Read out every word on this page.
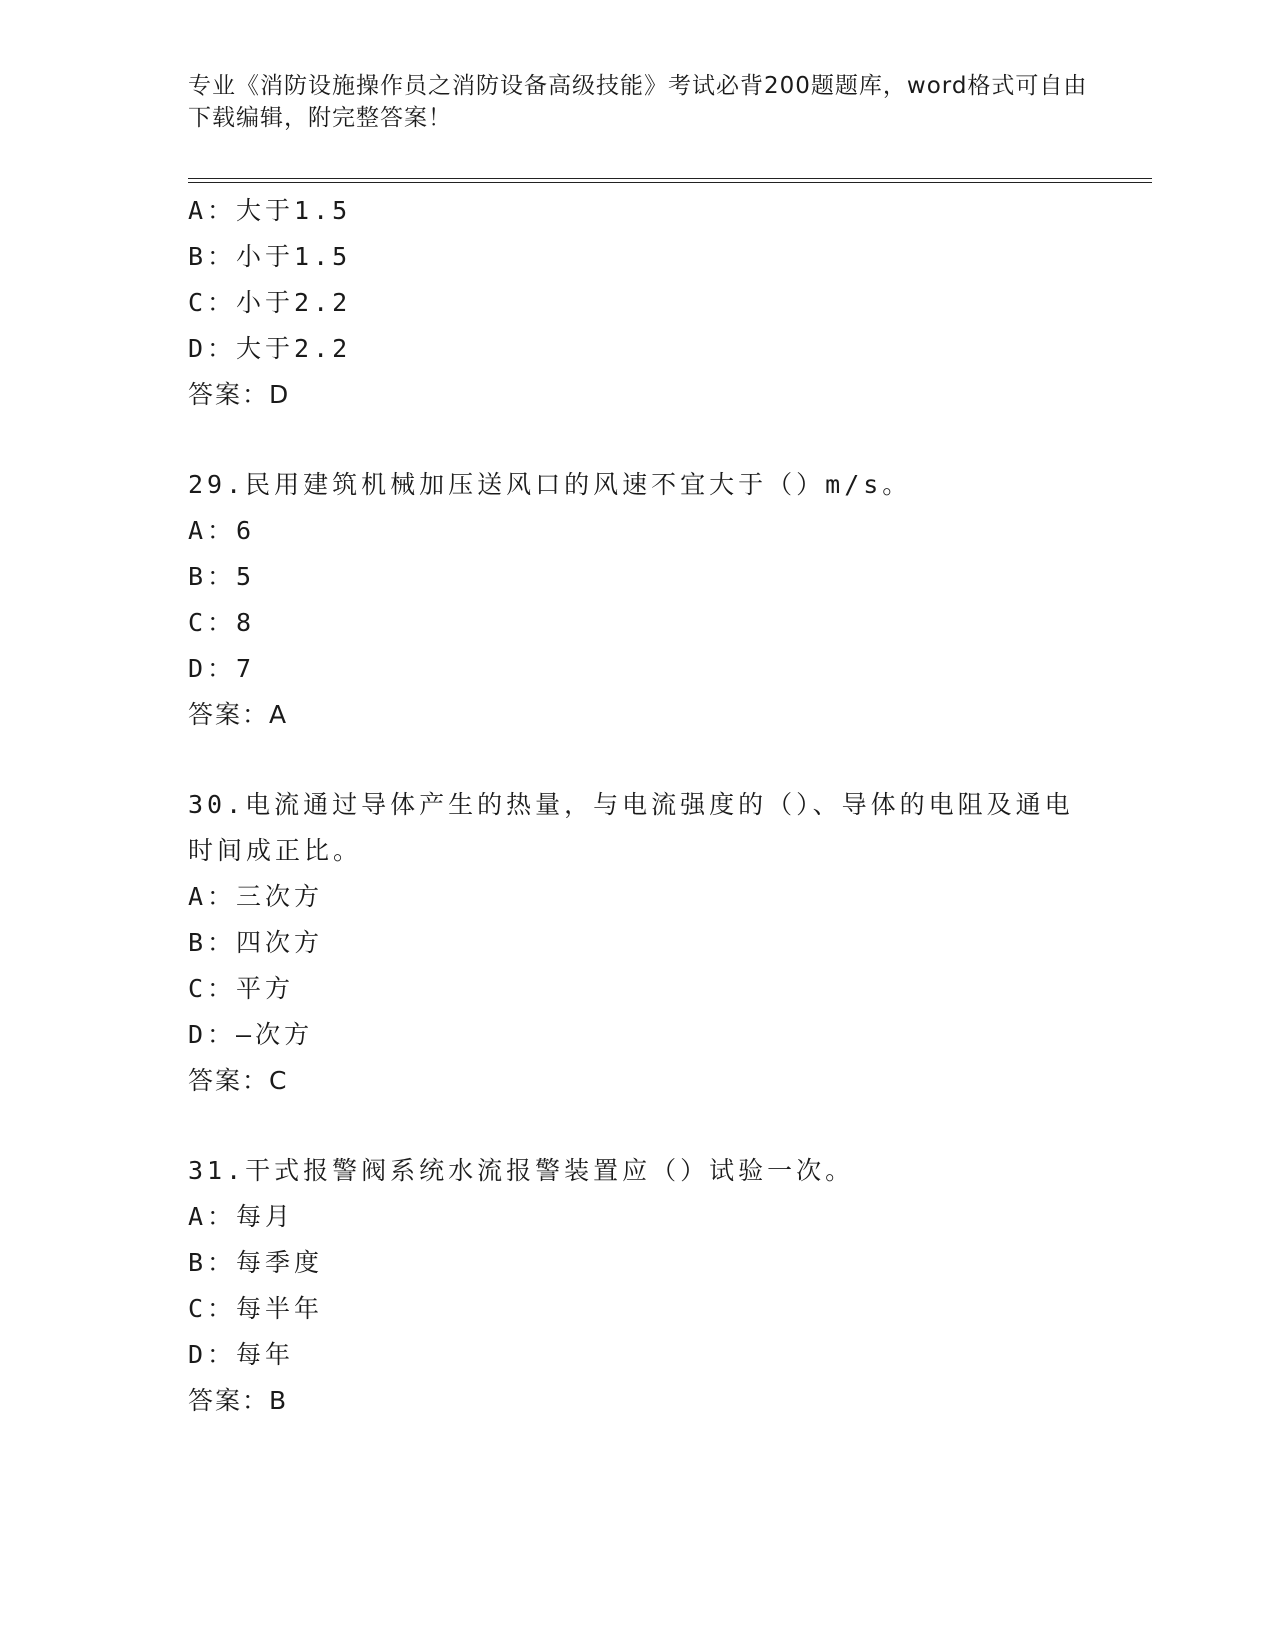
专业《消防设施操作员之消防设备高级技能》考试必背200题题库，word格式可自由下载编辑，附完整答案！
A：大于1.5
B：小于1.5
C：小于2.2
D：大于2.2
答案：D
29.民用建筑机械加压送风口的风速不宜大于（）m/s。
A：6
B：5
C：8
D：7
答案：A
30.电流通过导体产生的热量，与电流强度的（）、导体的电阻及通电时间成正比。
A：三次方
B：四次方
C：平方
D：—次方
答案：C
31.干式报警阀系统水流报警装置应（）试验一次。
A：每月
B：每季度
C：每半年
D：每年
答案：B
